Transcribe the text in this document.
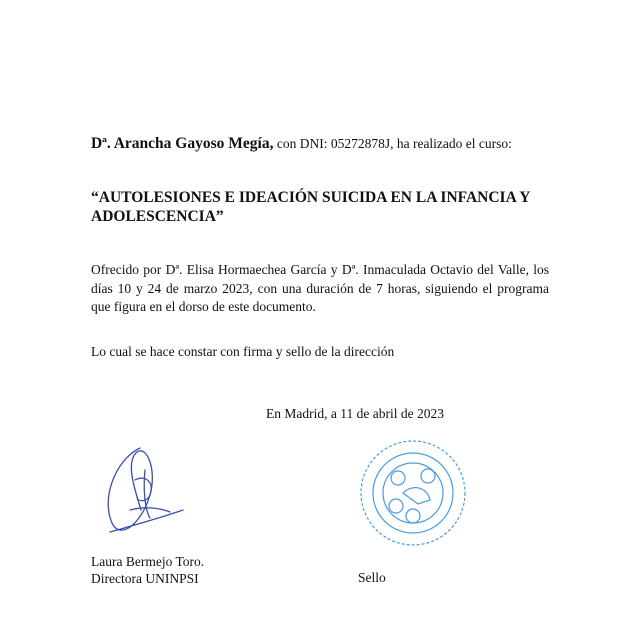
Dª. Arancha Gayoso Megía, con DNI: 05272878J, ha realizado el curso:
“AUTOLESIONES E IDEACIÓN SUICIDA EN LA INFANCIA Y ADOLESCENCIA”
Ofrecido por Dª. Elisa Hormaechea García y Dª. Inmaculada Octavio del Valle, los días 10 y 24 de marzo 2023, con una duración de 7 horas, siguiendo el programa que figura en el dorso de este documento.
Lo cual se hace constar con firma y sello de la dirección
En Madrid, a 11 de abril de 2023
Laura Bermejo Toro.
Directora UNINPSI	Sello
